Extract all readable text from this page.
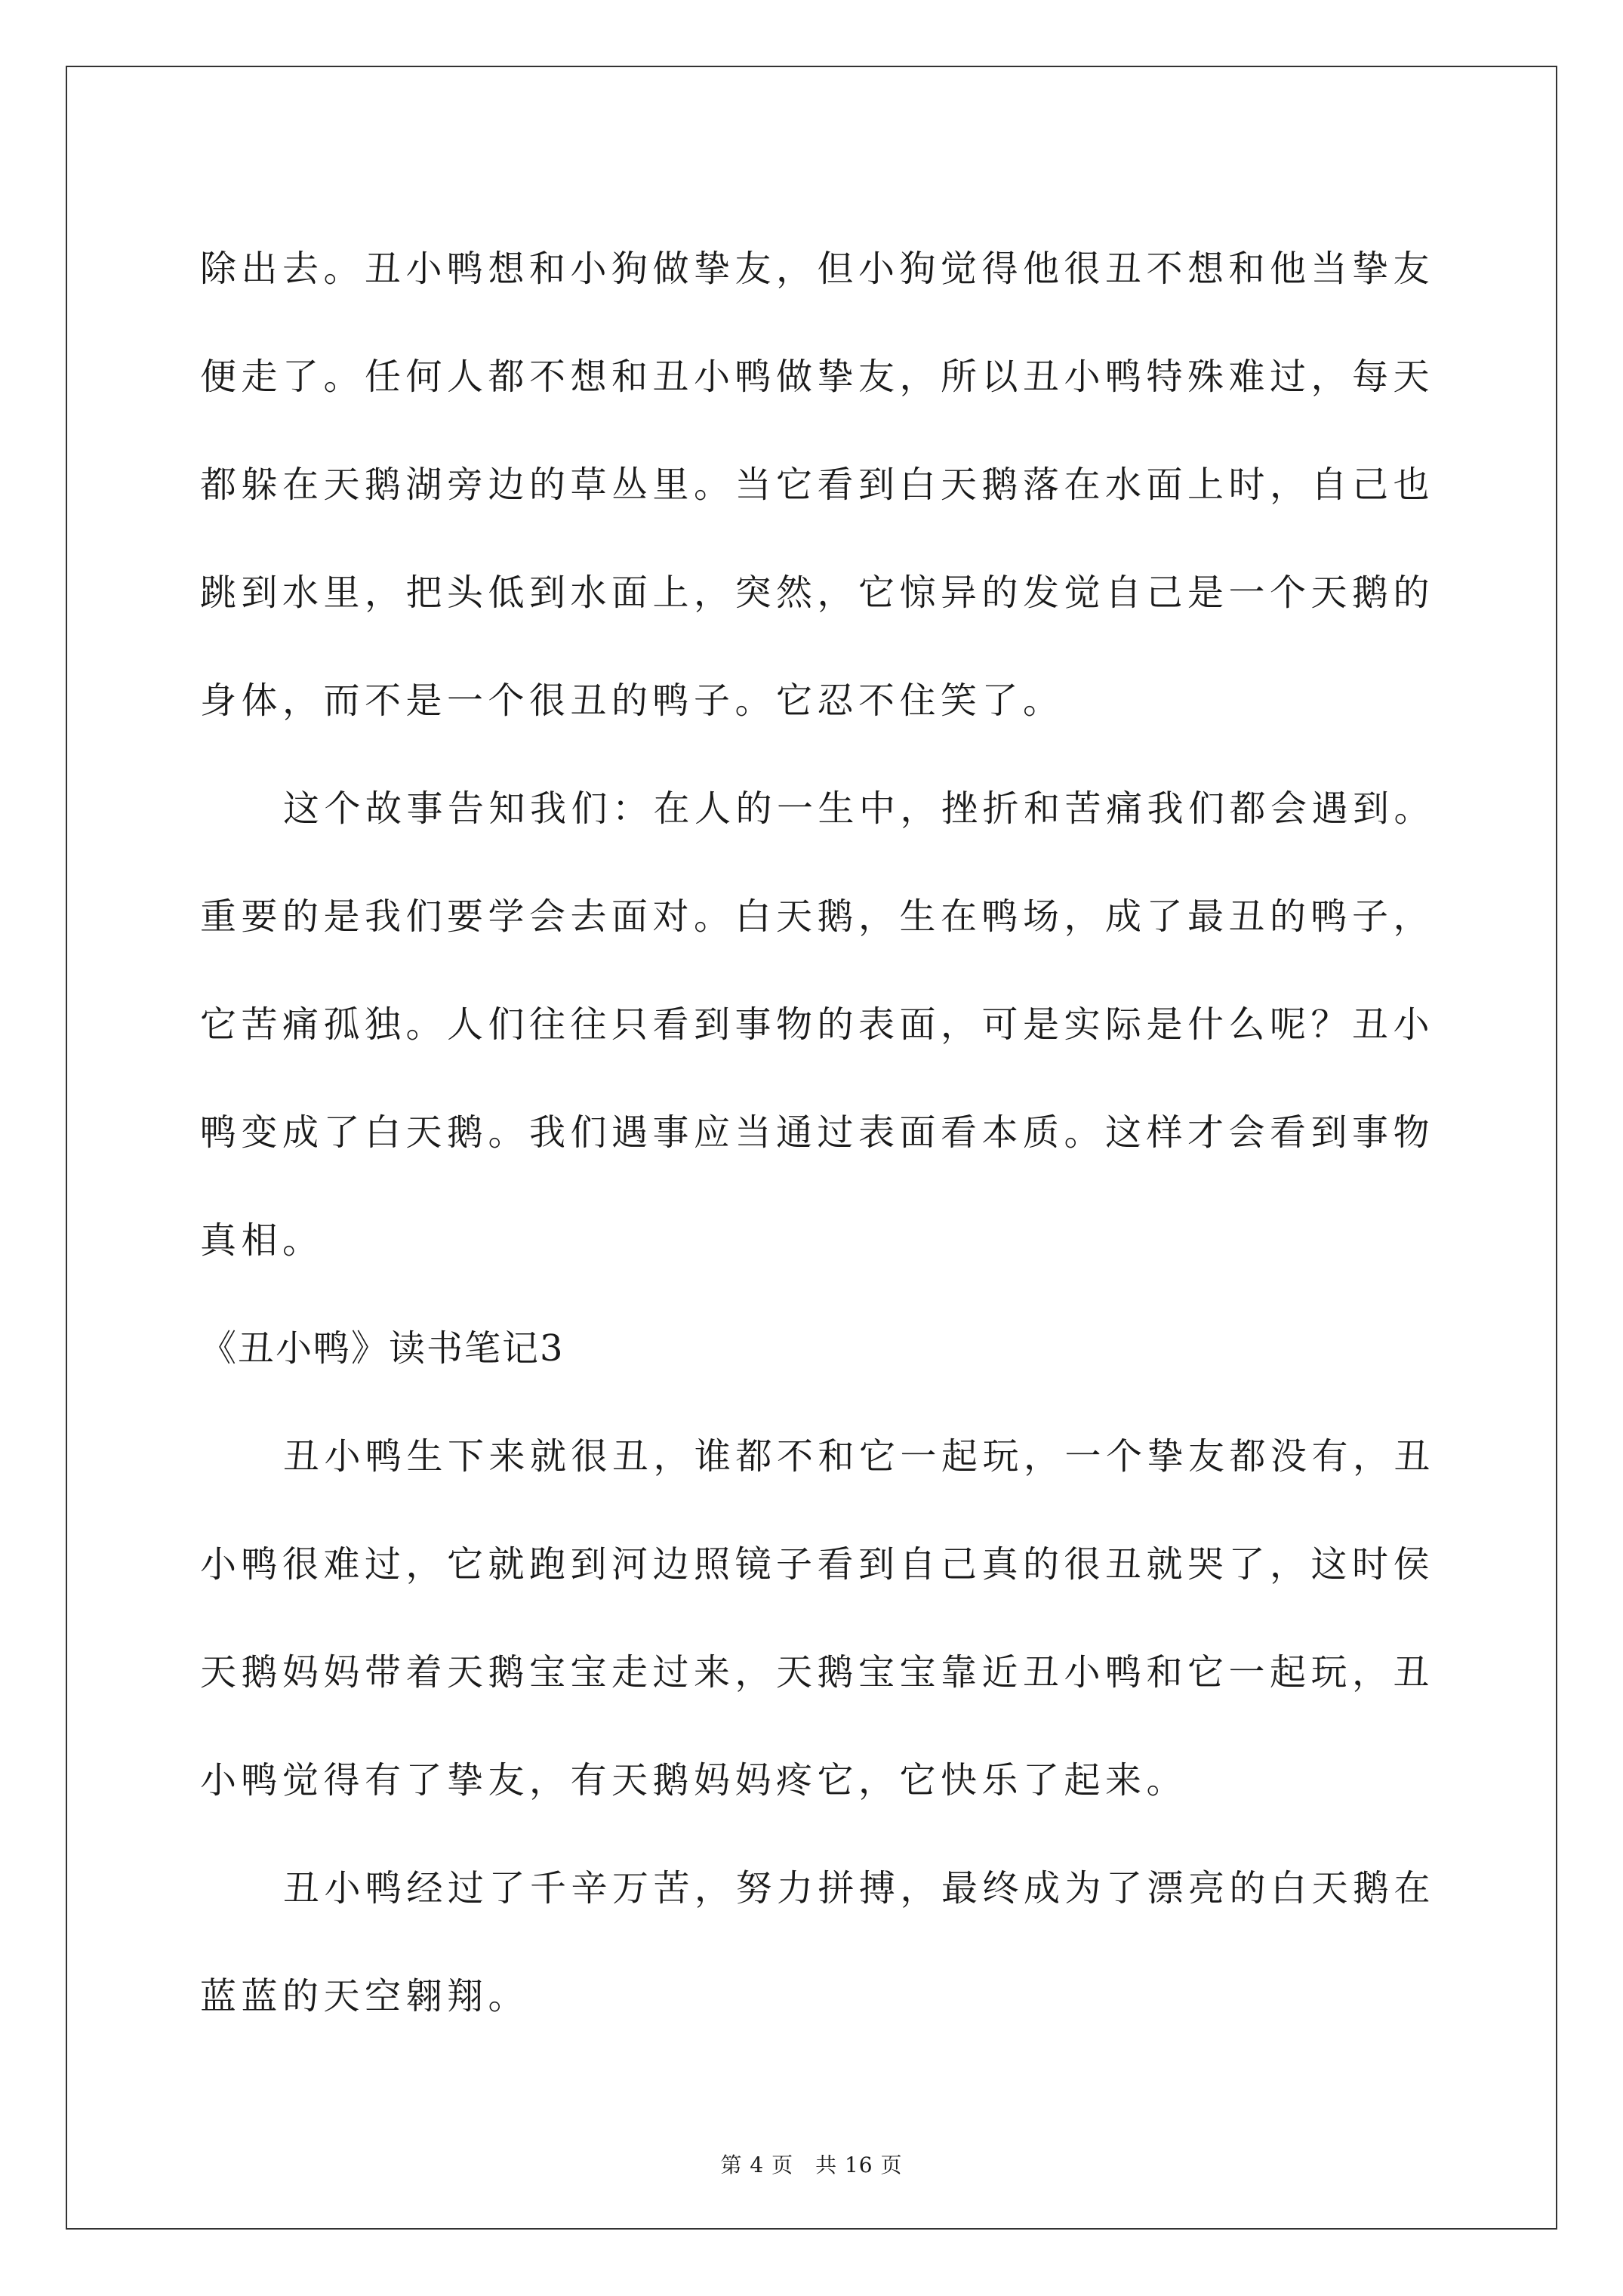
除出去。丑小鸭想和小狗做挚友，但小狗觉得他很丑不想和他当挚友
便走了。任何人都不想和丑小鸭做挚友，所以丑小鸭特殊难过，每天
都躲在天鹅湖旁边的草丛里。当它看到白天鹅落在水面上时，自己也
跳到水里，把头低到水面上，突然，它惊异的发觉自己是一个天鹅的
身体，而不是一个很丑的鸭子。它忍不住笑了。
这个故事告知我们：在人的一生中，挫折和苦痛我们都会遇到。
重要的是我们要学会去面对。白天鹅，生在鸭场，成了最丑的鸭子，
它苦痛孤独。人们往往只看到事物的表面，可是实际是什么呢？丑小
鸭变成了白天鹅。我们遇事应当通过表面看本质。这样才会看到事物
真相。
《丑小鸭》读书笔记3
丑小鸭生下来就很丑，谁都不和它一起玩，一个挚友都没有，丑
小鸭很难过，它就跑到河边照镜子看到自己真的很丑就哭了，这时侯
天鹅妈妈带着天鹅宝宝走过来，天鹅宝宝靠近丑小鸭和它一起玩，丑
小鸭觉得有了挚友，有天鹅妈妈疼它，它快乐了起来。
丑小鸭经过了千辛万苦，努力拼搏，最终成为了漂亮的白天鹅在
蓝蓝的天空翱翔。
第 4 页　共 16 页
